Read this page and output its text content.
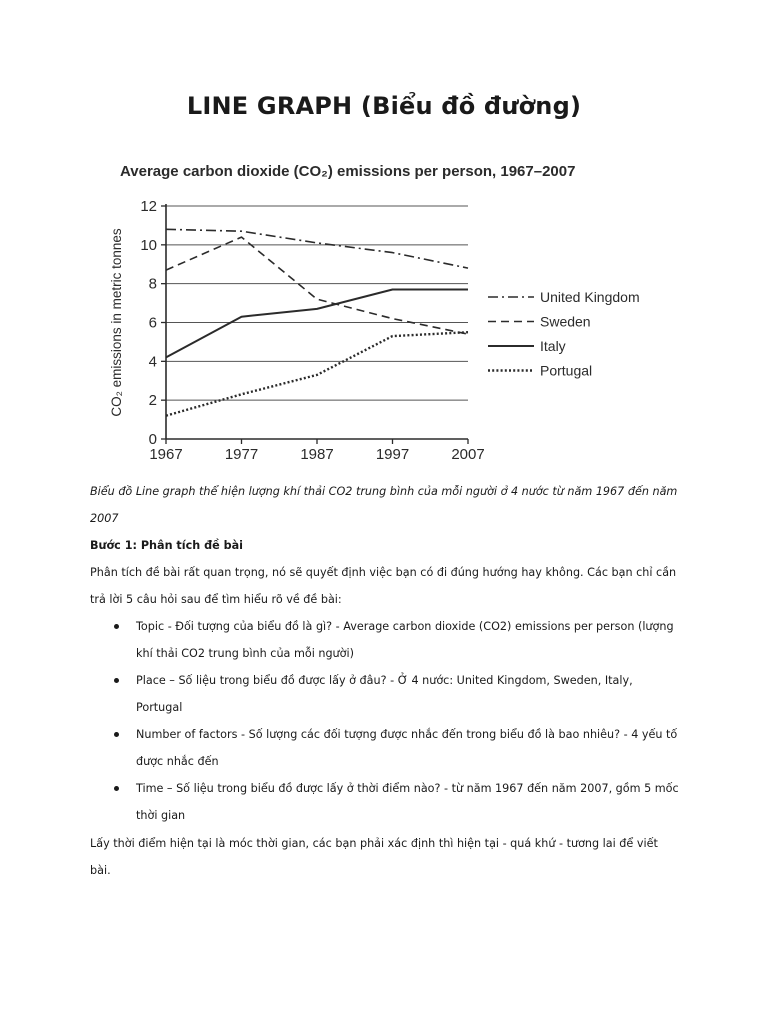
LINE GRAPH (Biểu đồ đường)
Average carbon dioxide (CO₂) emissions per person, 1967–2007
0
2
4
6
8
10
12
1967	1977	1987	1997	2007
United Kingdom
Sweden
Italy
Portugal
CO₂ emissions in metric tonnes
Biểu đồ Line graph thể hiện lượng khí thải CO2 trung bình của mỗi người ở 4 nước từ năm 1967 đến năm 2007
Bước 1: Phân tích đề bài
Phân tích đề bài rất quan trọng, nó sẽ quyết định việc bạn có đi đúng hướng hay không. Các bạn chỉ cần trả lời 5 câu hỏi sau để tìm hiểu rõ về đề bài:
Topic - Đối tượng của biểu đồ là gì? - Average carbon dioxide (CO2) emissions per person (lượng khí thải CO2 trung bình của mỗi người)
Place – Số liệu trong biểu đồ được lấy ở đâu? - Ở 4 nước: United Kingdom, Sweden, Italy, Portugal
Number of factors - Số lượng các đối tượng được nhắc đến trong biểu đồ là bao nhiêu? - 4 yếu tố được nhắc đến
Time – Số liệu trong biểu đồ được lấy ở thời điểm nào? - từ năm 1967 đến năm 2007, gồm 5 mốc thời gian
Lấy thời điểm hiện tại là móc thời gian, các bạn phải xác định thì hiện tại - quá khứ - tương lai để viết bài.
